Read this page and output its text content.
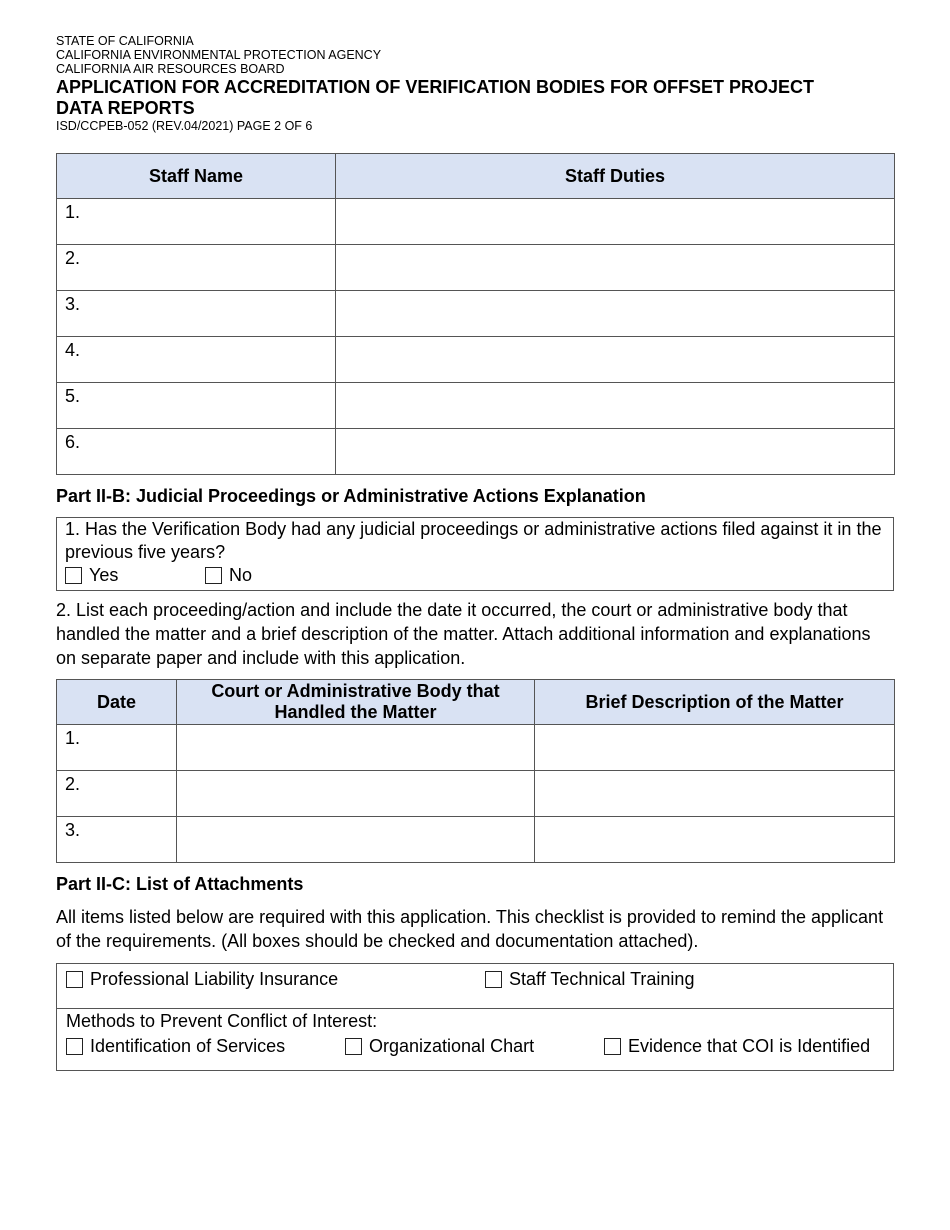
STATE OF CALIFORNIA

CALIFORNIA ENVIRONMENTAL PROTECTION AGENCY

CALIFORNIA AIR RESOURCES BOARD

APPLICATION FOR ACCREDITATION OF VERIFICATION BODIES FOR OFFSET PROJECT
DATA REPORTS

ISD/CCPEB-052 (REV.04/2021) PAGE 2 OF 6

Staff Name	Staff Duties
1.	
2.	
3.	
4.	
5.	
6.	

Part II-B: Judicial Proceedings or Administrative Actions Explanation

1. Has the Verification Body had any judicial proceedings or administrative actions filed against it in the previous five years?
Yes	No

2. List each proceeding/action and include the date it occurred, the court or administrative body that handled the matter and a brief description of the matter. Attach additional information and explanations on separate paper and include with this application.

Date	Court or Administrative Body that Handled the Matter	Brief Description of the Matter
1.		
2.		
3.		

Part II-C: List of Attachments

All items listed below are required with this application. This checklist is provided to remind the applicant of the requirements. (All boxes should be checked and documentation attached).

Professional Liability Insurance	Staff Technical Training
Methods to Prevent Conflict of Interest:
Identification of Services	Organizational Chart	Evidence that COI is Identified
